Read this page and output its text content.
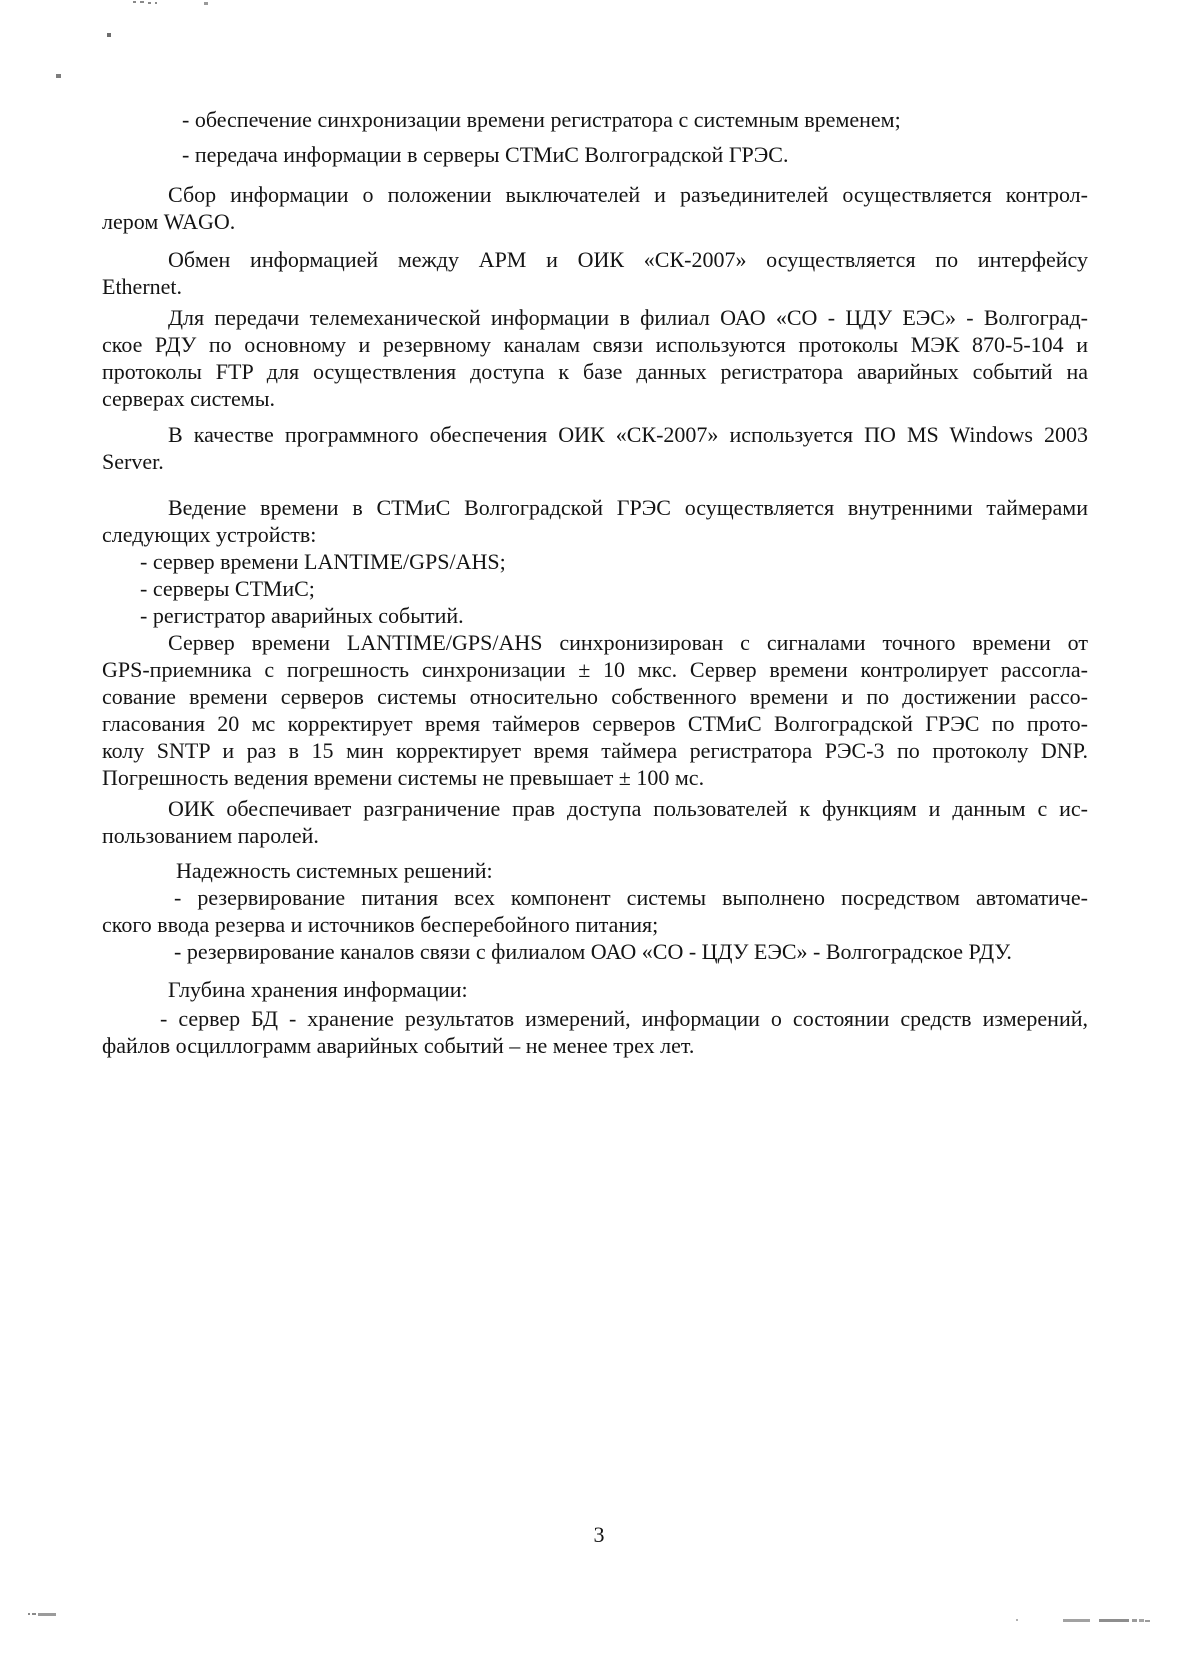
- обеспечение синхронизации времени регистратора с системным временем;
- передача информации в серверы СТМиС Волгоградской ГРЭС.
Сбор информации о положении выключателей и разъединителей осуществляется контрол-
лером WAGO.
Обмен информацией между АРМ и ОИК «СК-2007» осуществляется по интерфейсу
Ethernet.
Для передачи телемеханической информации в филиал ОАО «СО - ЦДУ ЕЭС» - Волгоград-
ское РДУ по основному и резервному каналам связи используются протоколы МЭК 870-5-104 и
протоколы FTP для осуществления доступа к базе данных регистратора аварийных событий на
серверах системы.
В качестве программного обеспечения ОИК «СК-2007» используется ПО MS Windows 2003
Server.
Ведение времени в СТМиС Волгоградской ГРЭС осуществляется внутренними таймерами
следующих устройств:
- сервер времени LANTIME/GPS/AHS;
- серверы СТМиС;
- регистратор аварийных событий.
Сервер времени LANTIME/GPS/AHS синхронизирован с сигналами точного времени от
GPS-приемника с погрешность синхронизации ± 10 мкс. Сервер времени контролирует рассогла-
сование времени серверов системы относительно собственного времени и по достижении рассо-
гласования 20 мс корректирует время таймеров серверов СТМиС Волгоградской ГРЭС по прото-
колу SNTP и раз в 15 мин корректирует время таймера регистратора РЭС-3 по протоколу DNP.
Погрешность ведения времени системы не превышает ± 100 мс.
ОИК обеспечивает разграничение прав доступа пользователей к функциям и данным с ис-
пользованием паролей.
Надежность системных решений:
- резервирование питания всех компонент системы выполнено посредством автоматиче-
ского ввода резерва и источников бесперебойного питания;
- резервирование каналов связи с филиалом ОАО «СО - ЦДУ ЕЭС» - Волгоградское РДУ.
Глубина хранения информации:
- сервер БД - хранение результатов измерений, информации о состоянии средств измерений,
файлов осциллограмм аварийных событий – не менее трех лет.
3
